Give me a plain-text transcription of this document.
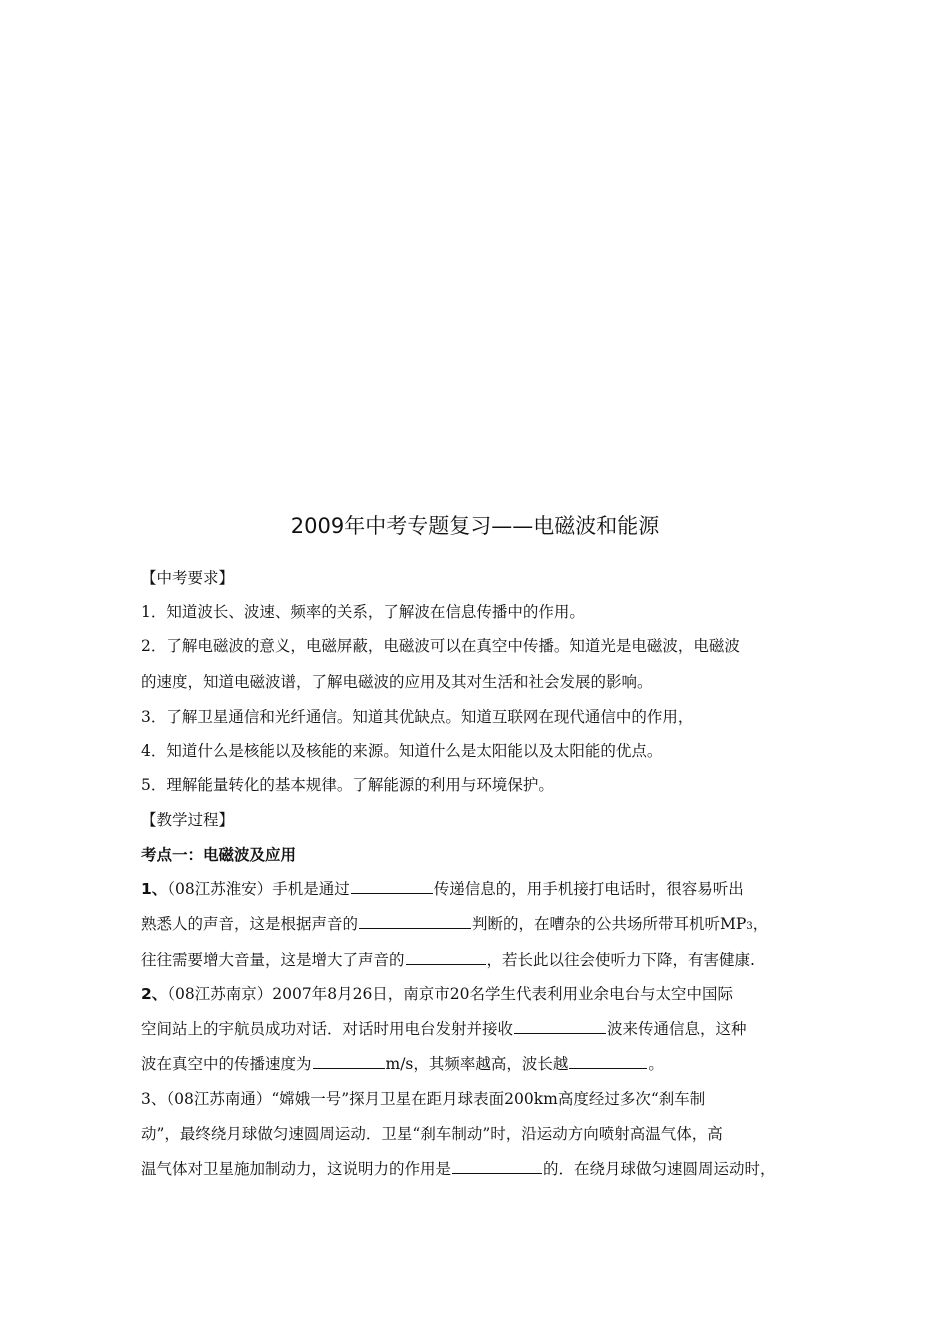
2009年中考专题复习——电磁波和能源
【中考要求】
1．知道波长、波速、频率的关系，了解波在信息传播中的作用。
2．了解电磁波的意义，电磁屏蔽，电磁波可以在真空中传播。知道光是电磁波，电磁波
的速度，知道电磁波谱，了解电磁波的应用及其对生活和社会发展的影响。
3．了解卫星通信和光纤通信。知道其优缺点。知道互联网在现代通信中的作用，
4．知道什么是核能以及核能的来源。知道什么是太阳能以及太阳能的优点。
5．理解能量转化的基本规律。了解能源的利用与环境保护。
【教学过程】
考点一：电磁波及应用
1、（08江苏淮安）手机是通过	传递信息的，用手机接打电话时，很容易听出
熟悉人的声音，这是根据声音的	判断的，在嘈杂的公共场所带耳机听MP3，
往往需要增大音量，这是增大了声音的	，若长此以往会使听力下降，有害健康.
2、（08江苏南京）2007年8月26日，南京市20名学生代表利用业余电台与太空中国际
空间站上的宇航员成功对话．对话时用电台发射并接收	波来传通信息，这种
波在真空中的传播速度为	m/s，其频率越高，波长越	。
3、（08江苏南通）“嫦娥一号”探月卫星在距月球表面200km高度经过多次“刹车制
动”，最终绕月球做匀速圆周运动．卫星“刹车制动”时，沿运动方向喷射高温气体，高
温气体对卫星施加制动力，这说明力的作用是	的．在绕月球做匀速圆周运动时，
